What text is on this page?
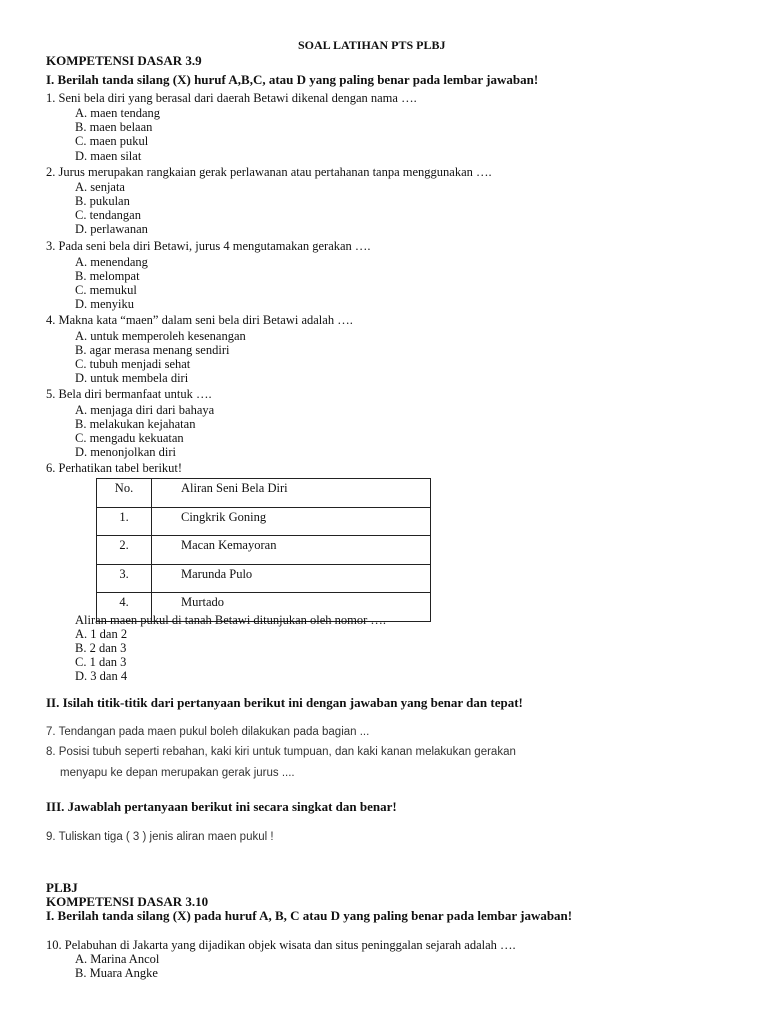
SOAL LATIHAN PTS PLBJ
KOMPETENSI DASAR 3.9
I. Berilah tanda silang (X) huruf A,B,C, atau D yang paling benar pada lembar jawaban!
1. Seni bela diri yang berasal dari daerah Betawi dikenal dengan nama ….
A. maen tendang
B. maen belaan
C. maen pukul
D. maen silat
2. Jurus merupakan rangkaian gerak perlawanan atau pertahanan tanpa menggunakan ….
A. senjata
B. pukulan
C. tendangan
D. perlawanan
3. Pada seni bela diri Betawi, jurus 4 mengutamakan gerakan ….
A. menendang
B. melompat
C. memukul
D. menyiku
4. Makna kata “maen” dalam seni bela diri Betawi adalah ….
A. untuk memperoleh kesenangan
B. agar merasa menang sendiri
C. tubuh menjadi sehat
D. untuk membela diri
5. Bela diri bermanfaat untuk ….
A. menjaga diri dari bahaya
B. melakukan kejahatan
C. mengadu kekuatan
D. menonjolkan diri
6. Perhatikan tabel berikut!
No.	Aliran Seni Bela Diri
1.	Cingkrik Goning
2.	Macan Kemayoran
3.	Marunda Pulo
4.	Murtado
Aliran maen pukul di tanah Betawi ditunjukan oleh nomor ….
A. 1 dan 2
B. 2 dan 3
C. 1 dan 3
D. 3 dan 4
II. Isilah titik-titik dari pertanyaan berikut ini dengan jawaban yang benar dan tepat!
7. Tendangan pada maen pukul boleh dilakukan pada bagian ...
8. Posisi tubuh seperti rebahan, kaki kiri untuk tumpuan, dan kaki kanan melakukan gerakan
menyapu ke depan merupakan gerak jurus ....
III. Jawablah pertanyaan berikut ini secara singkat dan benar!
9. Tuliskan tiga ( 3 ) jenis aliran maen pukul !
PLBJ
KOMPETENSI DASAR 3.10
I. Berilah tanda silang (X) pada huruf A, B, C atau D yang paling benar pada lembar jawaban!
10. Pelabuhan di Jakarta yang dijadikan objek wisata dan situs peninggalan sejarah adalah ….
A. Marina Ancol
B. Muara Angke
